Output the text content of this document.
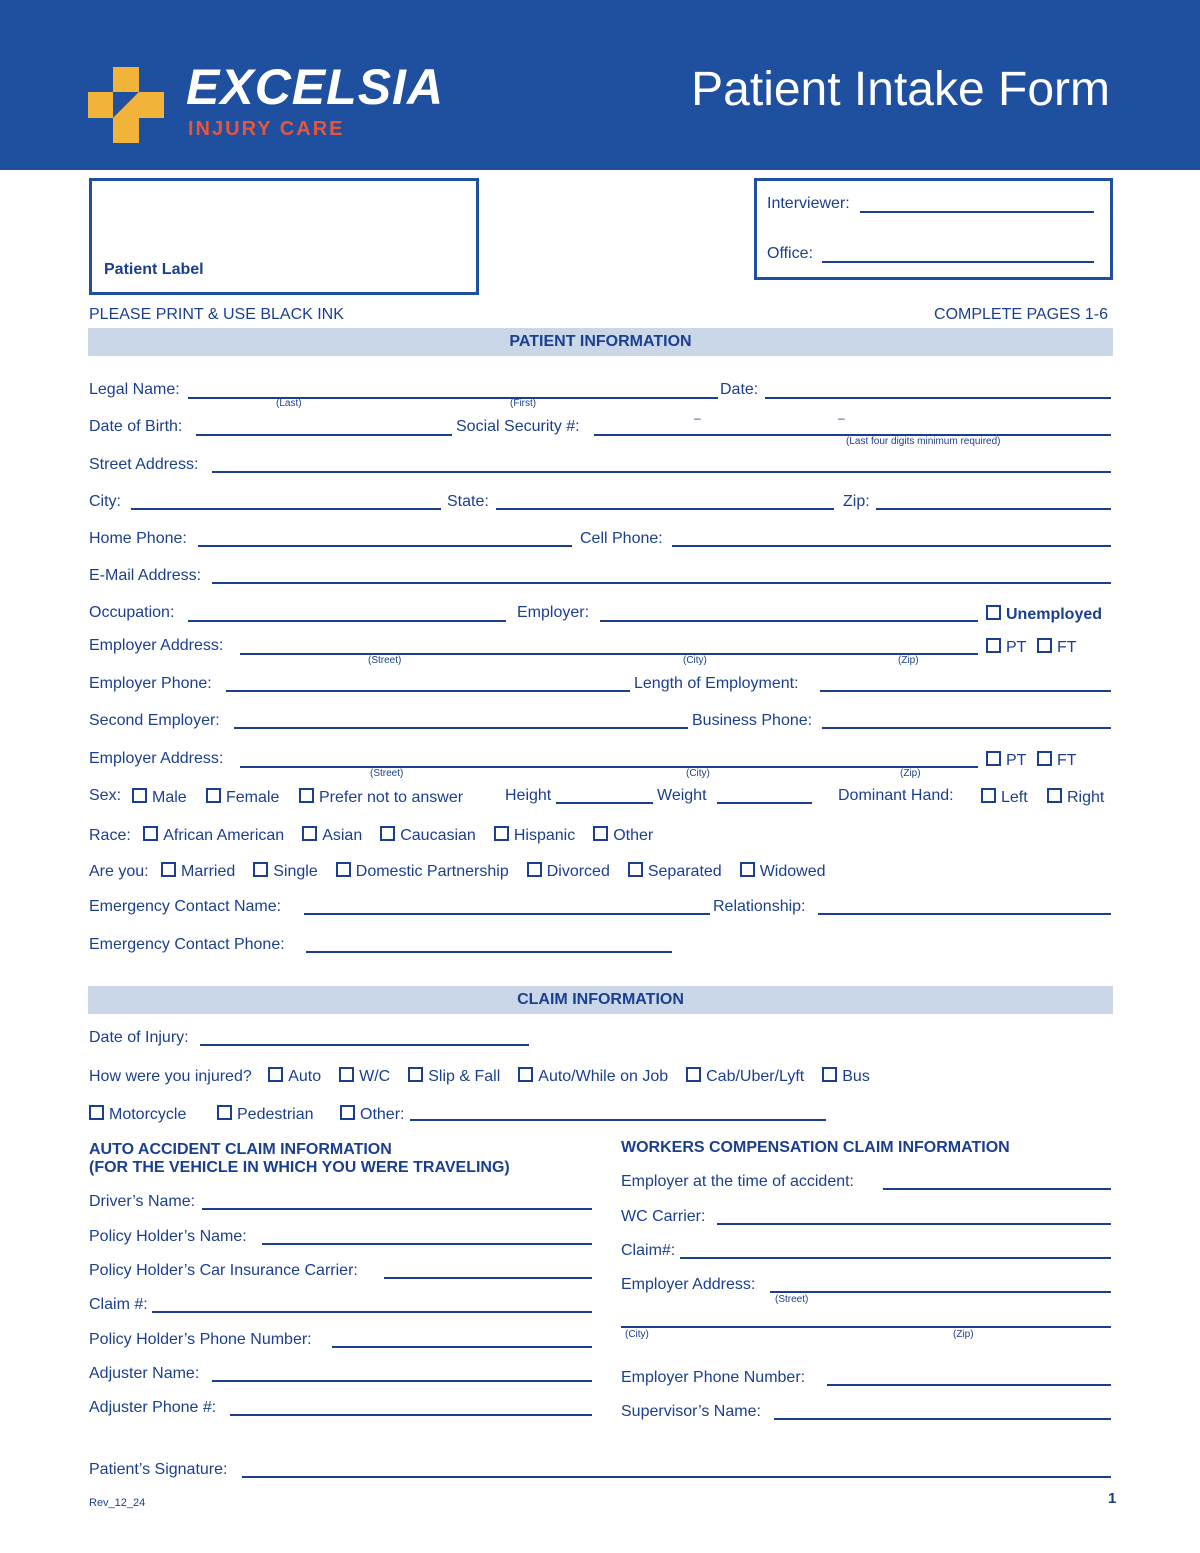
EXCELSIA
INJURY CARE
Patient Intake Form
Patient Label
Interviewer:
Office:
PLEASE PRINT & USE BLACK INK	COMPLETE PAGES 1-6
PATIENT INFORMATION
Legal Name:
(Last)	(First)
Date:
Date of Birth:	Social Security #:	–	–
(Last four digits minimum required)
Street Address:
City:	State:	Zip:
Home Phone:	Cell Phone:
E-Mail Address:
Occupation:	Employer:	Unemployed
Employer Address:
(Street)	(City)	(Zip)
PT	FT
Employer Phone:	Length of Employment:
Second Employer:	Business Phone:
Employer Address:
(Street)	(City)	(Zip)
PT	FT
Sex:	Male	Female	Prefer not to answer	Height	Weight	Dominant Hand:	Left	Right
Race: African American Asian Caucasian Hispanic Other
Are you: Married Single Domestic Partnership Divorced Separated Widowed
Emergency Contact Name:	Relationship:
Emergency Contact Phone:
CLAIM INFORMATION
Date of Injury:
How were you injured? Auto W/C Slip & Fall Auto/While on Job Cab/Uber/Lyft Bus
Motorcycle	Pedestrian	Other:
AUTO ACCIDENT CLAIM INFORMATION
(FOR THE VEHICLE IN WHICH YOU WERE TRAVELING)
Driver’s Name:
Policy Holder’s Name:
Policy Holder’s Car Insurance Carrier:
Claim #:
Policy Holder’s Phone Number:
Adjuster Name:
Adjuster Phone #:
WORKERS COMPENSATION CLAIM INFORMATION
Employer at the time of accident:
WC Carrier:
Claim#:
Employer Address:
(Street)
(City)	(Zip)
Employer Phone Number:
Supervisor’s Name:
Patient’s Signature:
Rev_12_24	1
